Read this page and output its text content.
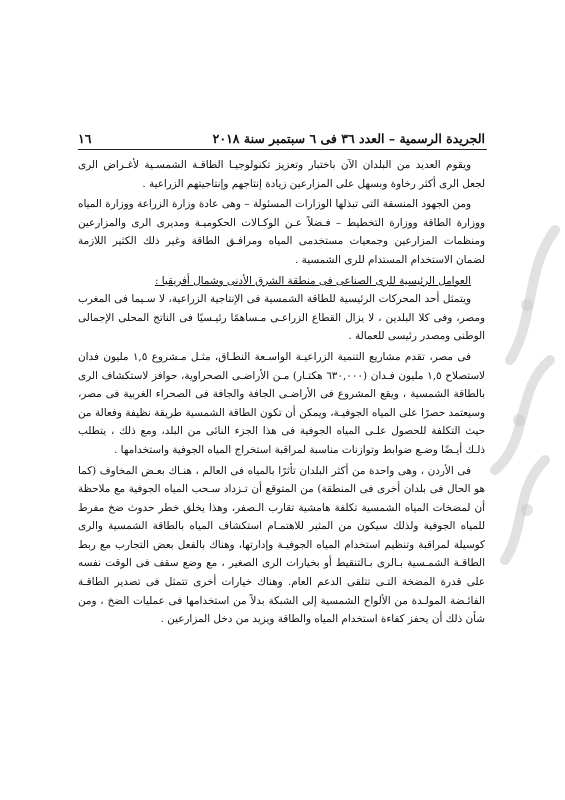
الجريدة الرسمية – العدد ٣٦ فى ٦ سبتمبر سنة ٢٠١٨
١٦

ويقوم العديد من البلدان الآن باختبار وتعزيز تكنولوجيـا الطاقـة الشمسـية لأغـراض الرى لجعل الرى أكثر رخاوة وبسهل على المزارعين زيادة إنتاجهم وإنتاجيتهم الزراعية .

ومن الجهود المنسقة التى تبذلها الوزارات المسئولة – وهى عادة وزارة الزراعة ووزارة المياه ووزارة الطاقة ووزارة التخطيط – فـضلاً عـن الوكـالات الحكوميـة ومديرى الرى والمزارعين ومنظمات المزارعين وجمعيات مستخدمى المياه ومرافـق الطاقة وغير ذلك الكثير اللازمة لضمان الاستخدام المستدام للرى الشمسية .

العوامل الرئيسية للرى الصناعى فى منطقة الشرق الأدنى وشمال أفريقيا :

ويتمثل أحد المحركات الرئيسية للطاقة الشمسية فى الإنتاجية الزراعية، لا سـيما فى المغرب ومصر، وفى كلا البلدين ، لا يزال القطاع الزراعـى مـساهمًا رئيـسيًا فى الناتج المحلى الإجمالى الوطنى ومصدر رئيسى للعمالة .

فى مصر، تقدم مشاريع التنمية الزراعيـة الواسـعة النطـاق، مثـل مـشروع ١,٥ مليون فدان لاستصلاح ١,٥ مليون فـدان (٦٣٠,٠٠٠ هكتـار) مـن الأراضـى الصحراوية، حوافز لاستكشاف الرى بالطاقة الشمسية ، ويقع المشروع فى الأراضـى الجافة والجافة فى الصحراء الغربية فى مصر، وسيعتمد حصرًا على المياه الجوفيـة، ويمكن أن تكون الطاقة الشمسية طريقة نظيفة وفعالة من حيث التكلفة للحصول علـى المياه الجوفية فى هذا الجزء النائى من البلد، ومع ذلك ، يتطلب ذلـك أيـضًا وضـع ضوابط وتوازنات مناسبة لمراقبة استخراج المياه الجوفية واستخدامها .

فى الأردن ، وهى واحدة من أكثر البلدان تأثرًا بالمياه فى العالم ، هنـاك بعـض المخاوف (كما هو الحال فى بلدان أخرى فى المنطقة) من المتوقع أن تـزداد سـحب المياه الجوفية مع ملاحظة أن لمضخات المياه الشمسية تكلفة هامشية تقارب الـصفر، وهذا يخلق خطر حدوث ضخ مفرط للمياه الجوفية ولذلك سيكون من المثير للاهتمـام استكشاف المياه بالطاقة الشمسية والرى كوسيلة لمراقبة وتنظيم استخدام المياه الجوفيـة وإدارتها، وهناك بالفعل بعض التجارب مع ربط الطاقـة الشمـسية بـالرى بـالتنقيط أو بخيارات الرى الصغير ، مع وضع سقف فى الوقت نفسه على قدرة المضخة التـى تتلقى الدعم العام. وهناك خيارات أخرى تتمثل فى تصدير الطاقـة الفائـضة المولـدة من الألواح الشمسية إلى الشبكة بدلاً من استخدامها فى عمليات الضخ ، ومن شأن ذلك أن يحفز كفاءة استخدام المياه والطاقة ويزيد من دخل المزارعين .
